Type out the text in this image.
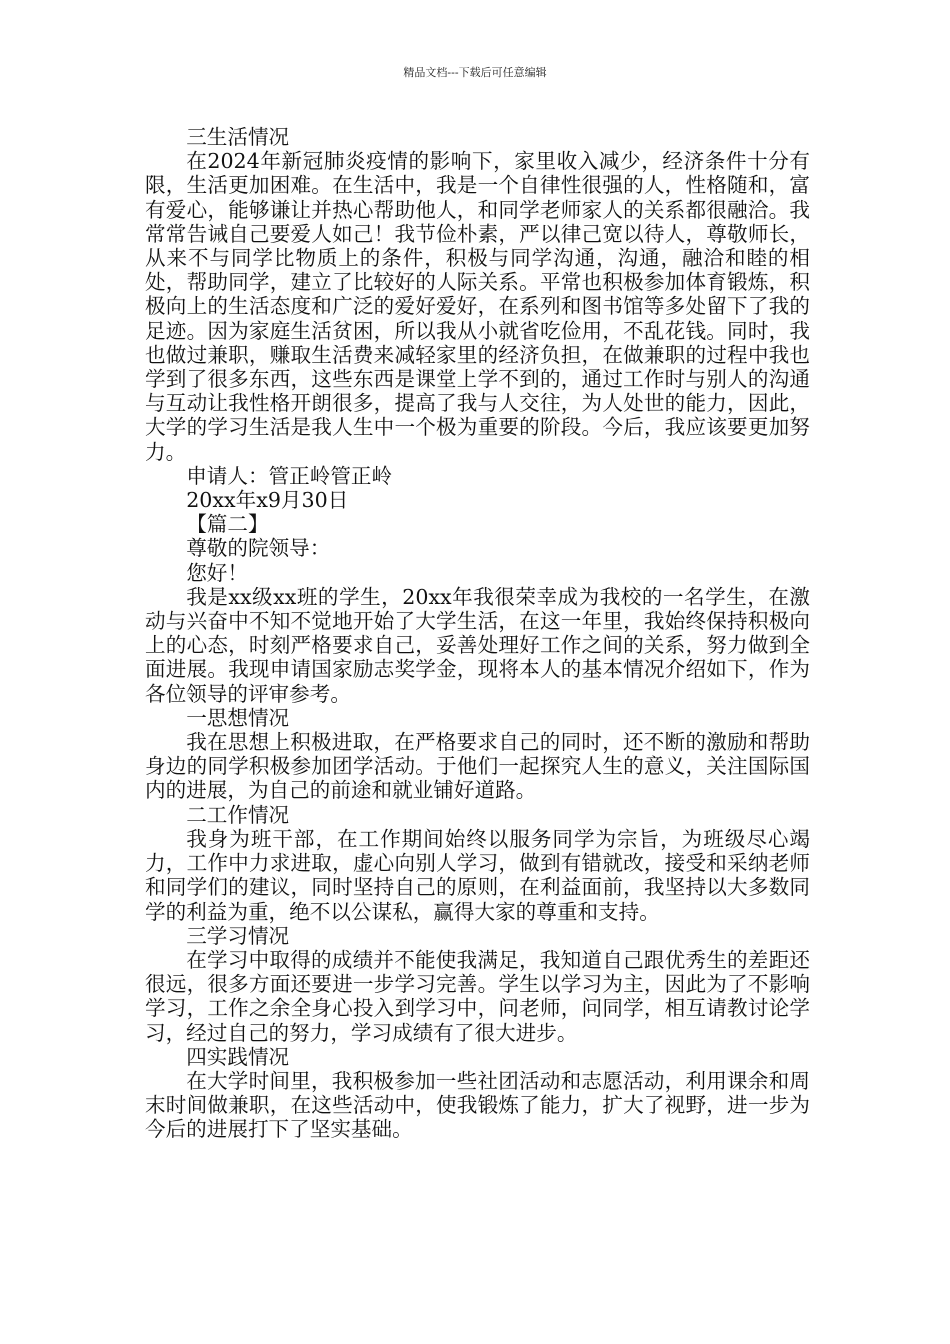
精品文档---下载后可任意编辑

三生活情况

在2024年新冠肺炎疫情的影响下，家里收入减少，经济条件十分有限，生活更加困难。在生活中，我是一个自律性很强的人，性格随和，富有爱心，能够谦让并热心帮助他人，和同学老师家人的关系都很融洽。我常常告诫自己要爱人如己！我节俭朴素，严以律己宽以待人，尊敬师长，从来不与同学比物质上的条件，积极与同学沟通，沟通，融洽和睦的相处，帮助同学，建立了比较好的人际关系。平常也积极参加体育锻炼，积极向上的生活态度和广泛的爱好爱好，在系列和图书馆等多处留下了我的足迹。因为家庭生活贫困，所以我从小就省吃俭用，不乱花钱。同时，我也做过兼职，赚取生活费来减轻家里的经济负担，在做兼职的过程中我也学到了很多东西，这些东西是课堂上学不到的，通过工作时与别人的沟通与互动让我性格开朗很多，提高了我与人交往，为人处世的能力，因此，大学的学习生活是我人生中一个极为重要的阶段。今后，我应该要更加努力。

申请人：管正岭管正岭

20xx年x9月30日

【篇二】

尊敬的院领导：

您好！

我是xx级xx班的学生，20xx年我很荣幸成为我校的一名学生，在激动与兴奋中不知不觉地开始了大学生活，在这一年里，我始终保持积极向上的心态，时刻严格要求自己，妥善处理好工作之间的关系，努力做到全面进展。我现申请国家励志奖学金，现将本人的基本情况介绍如下，作为各位领导的评审参考。

一思想情况

我在思想上积极进取，在严格要求自己的同时，还不断的激励和帮助身边的同学积极参加团学活动。于他们一起探究人生的意义，关注国际国内的进展，为自己的前途和就业铺好道路。

二工作情况

我身为班干部，在工作期间始终以服务同学为宗旨，为班级尽心竭力，工作中力求进取，虚心向别人学习，做到有错就改，接受和采纳老师和同学们的建议，同时坚持自己的原则，在利益面前，我坚持以大多数同学的利益为重，绝不以公谋私，赢得大家的尊重和支持。

三学习情况

在学习中取得的成绩并不能使我满足，我知道自己跟优秀生的差距还很远，很多方面还要进一步学习完善。学生以学习为主，因此为了不影响学习，工作之余全身心投入到学习中，问老师，问同学，相互请教讨论学习，经过自己的努力，学习成绩有了很大进步。

四实践情况

在大学时间里，我积极参加一些社团活动和志愿活动，利用课余和周末时间做兼职，在这些活动中，使我锻炼了能力，扩大了视野，进一步为今后的进展打下了坚实基础。
